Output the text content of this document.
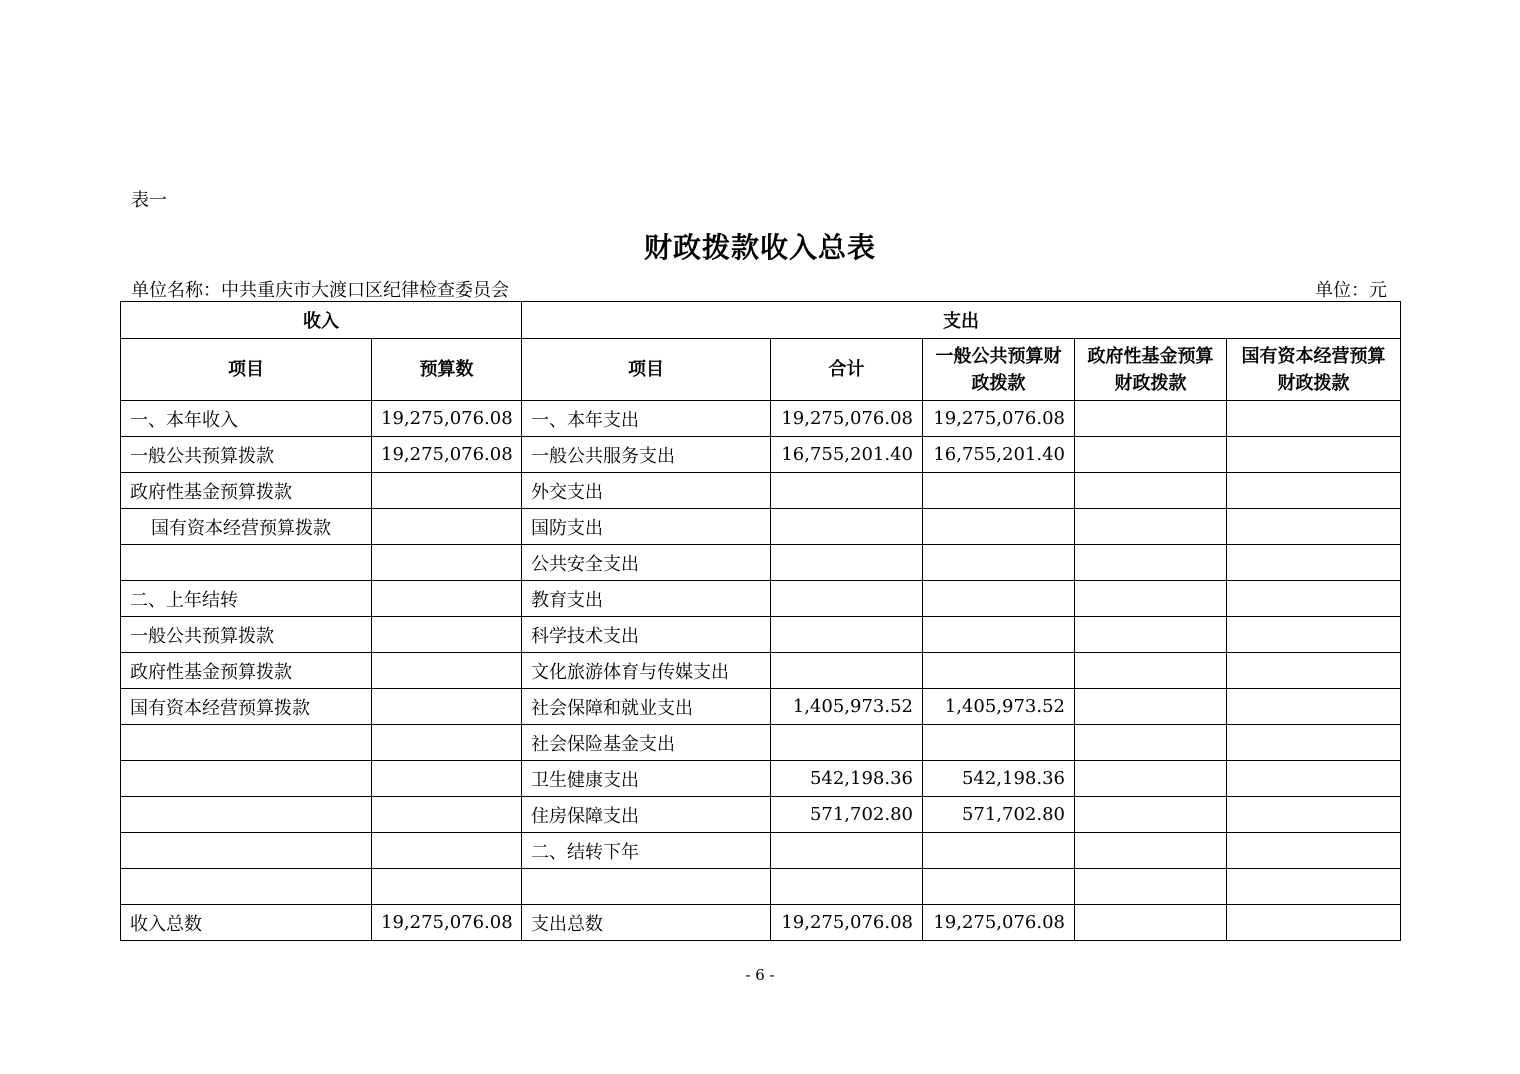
表一
财政拨款收入总表
单位名称：中共重庆市大渡口区纪律检查委员会	单位：元
收入		支出				
项目	预算数	项目	合计	一般公共预算财政拨款	政府性基金预算财政拨款	国有资本经营预算财政拨款
一、本年收入	19,275,076.08	一、本年支出	19,275,076.08	19,275,076.08		
一般公共预算拨款	19,275,076.08	一般公共服务支出	16,755,201.40	16,755,201.40		
政府性基金预算拨款		外交支出				
国有资本经营预算拨款		国防支出				
		公共安全支出				
二、上年结转		教育支出				
一般公共预算拨款		科学技术支出				
政府性基金预算拨款		文化旅游体育与传媒支出				
国有资本经营预算拨款		社会保障和就业支出	1,405,973.52	1,405,973.52		
		社会保险基金支出				
		卫生健康支出	542,198.36	542,198.36		
		住房保障支出	571,702.80	571,702.80		
		二、结转下年				

收入总数	19,275,076.08	支出总数	19,275,076.08	19,275,076.08		
- 6 -
